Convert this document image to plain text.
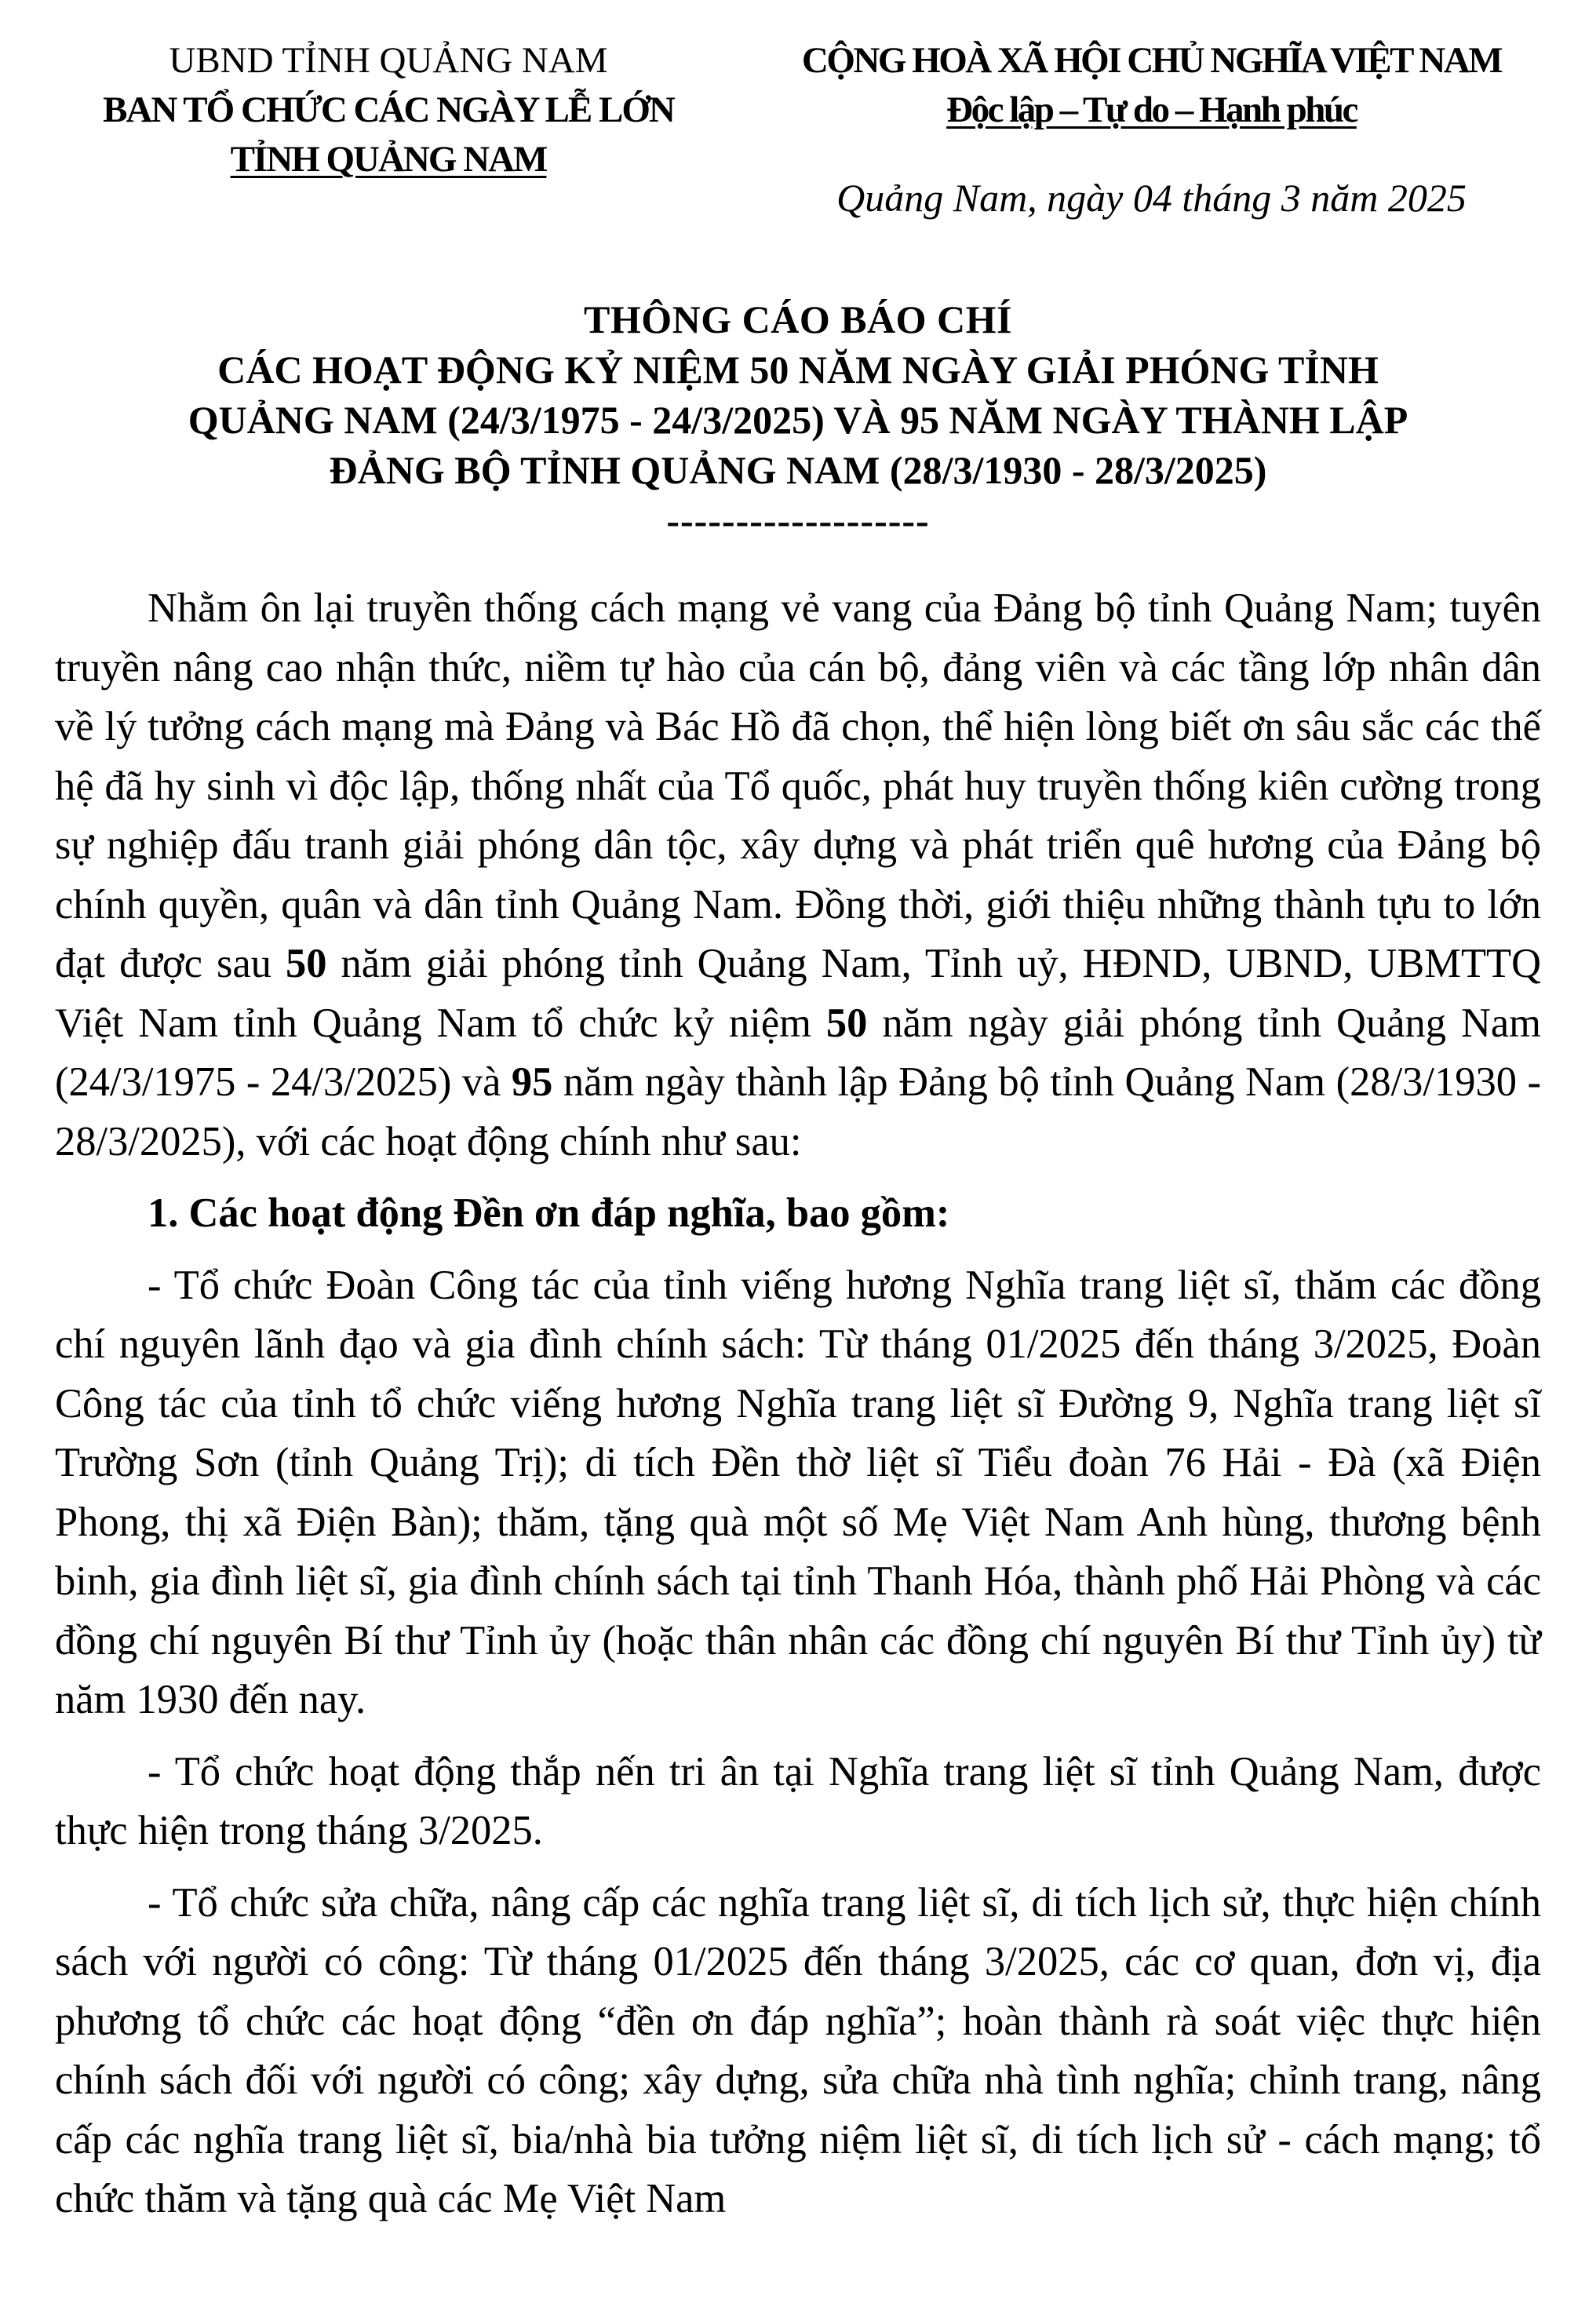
UBND TỈNH QUẢNG NAM
BAN TỔ CHỨC CÁC NGÀY LỄ LỚN
TỈNH QUẢNG NAM
CỘNG HOÀ XÃ HỘI CHỦ NGHĨA VIỆT NAM
Độc lập – Tự do – Hạnh phúc
Quảng Nam, ngày 04 tháng 3 năm 2025
THÔNG CÁO BÁO CHÍ
CÁC HOẠT ĐỘNG KỶ NIỆM 50 NĂM NGÀY GIẢI PHÓNG TỈNH
QUẢNG NAM (24/3/1975 - 24/3/2025) VÀ 95 NĂM NGÀY THÀNH LẬP
ĐẢNG BỘ TỈNH QUẢNG NAM (28/3/1930 - 28/3/2025)
-------------------

Nhằm ôn lại truyền thống cách mạng vẻ vang của Đảng bộ tỉnh Quảng Nam; tuyên truyền nâng cao nhận thức, niềm tự hào của cán bộ, đảng viên và các tầng lớp nhân dân về lý tưởng cách mạng mà Đảng và Bác Hồ đã chọn, thể hiện lòng biết ơn sâu sắc các thế hệ đã hy sinh vì độc lập, thống nhất của Tổ quốc, phát huy truyền thống kiên cường trong sự nghiệp đấu tranh giải phóng dân tộc, xây dựng và phát triển quê hương của Đảng bộ chính quyền, quân và dân tỉnh Quảng Nam. Đồng thời, giới thiệu những thành tựu to lớn đạt được sau 50 năm giải phóng tỉnh Quảng Nam, Tỉnh uỷ, HĐND, UBND, UBMTTQ Việt Nam tỉnh Quảng Nam tổ chức kỷ niệm 50 năm ngày giải phóng tỉnh Quảng Nam (24/3/1975 - 24/3/2025) và 95 năm ngày thành lập Đảng bộ tỉnh Quảng Nam (28/3/1930 - 28/3/2025), với các hoạt động chính như sau:

1. Các hoạt động Đền ơn đáp nghĩa, bao gồm:

- Tổ chức Đoàn Công tác của tỉnh viếng hương Nghĩa trang liệt sĩ, thăm các đồng chí nguyên lãnh đạo và gia đình chính sách: Từ tháng 01/2025 đến tháng 3/2025, Đoàn Công tác của tỉnh tổ chức viếng hương Nghĩa trang liệt sĩ Đường 9, Nghĩa trang liệt sĩ Trường Sơn (tỉnh Quảng Trị); di tích Đền thờ liệt sĩ Tiểu đoàn 76 Hải - Đà (xã Điện Phong, thị xã Điện Bàn); thăm, tặng quà một số Mẹ Việt Nam Anh hùng, thương bệnh binh, gia đình liệt sĩ, gia đình chính sách tại tỉnh Thanh Hóa, thành phố Hải Phòng và các đồng chí nguyên Bí thư Tỉnh ủy (hoặc thân nhân các đồng chí nguyên Bí thư Tỉnh ủy) từ năm 1930 đến nay.

- Tổ chức hoạt động thắp nến tri ân tại Nghĩa trang liệt sĩ tỉnh Quảng Nam, được thực hiện trong tháng 3/2025.

- Tổ chức sửa chữa, nâng cấp các nghĩa trang liệt sĩ, di tích lịch sử, thực hiện chính sách với người có công: Từ tháng 01/2025 đến tháng 3/2025, các cơ quan, đơn vị, địa phương tổ chức các hoạt động “đền ơn đáp nghĩa”; hoàn thành rà soát việc thực hiện chính sách đối với người có công; xây dựng, sửa chữa nhà tình nghĩa; chỉnh trang, nâng cấp các nghĩa trang liệt sĩ, bia/nhà bia tưởng niệm liệt sĩ, di tích lịch sử - cách mạng; tổ chức thăm và tặng quà các Mẹ Việt Nam
